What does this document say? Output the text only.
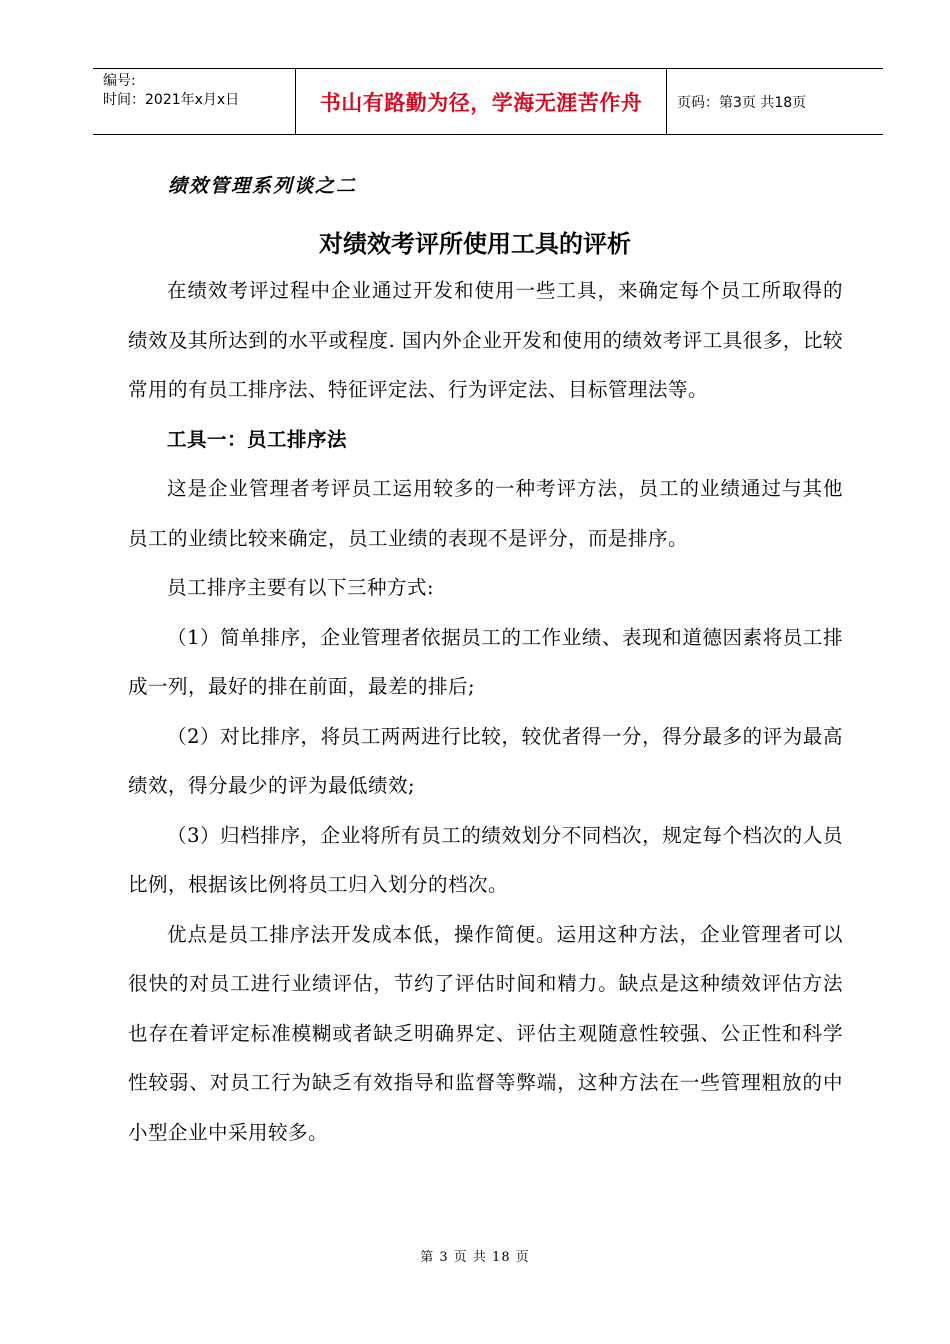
编号:
时间：2021年x月x日	书山有路勤为径，学海无涯苦作舟	页码：第3页 共18页
绩效管理系列谈之二
对绩效考评所使用工具的评析

在绩效考评过程中企业通过开发和使用一些工具，来确定每个员工所取得的绩效及其所达到的水平或程度. 国内外企业开发和使用的绩效考评工具很多，比较常用的有员工排序法、特征评定法、行为评定法、目标管理法等。

工具一：员工排序法

这是企业管理者考评员工运用较多的一种考评方法，员工的业绩通过与其他员工的业绩比较来确定，员工业绩的表现不是评分，而是排序。

员工排序主要有以下三种方式:

（1）简单排序，企业管理者依据员工的工作业绩、表现和道德因素将员工排成一列，最好的排在前面，最差的排后;

（2）对比排序，将员工两两进行比较，较优者得一分，得分最多的评为最高绩效，得分最少的评为最低绩效;

（3）归档排序，企业将所有员工的绩效划分不同档次，规定每个档次的人员比例，根据该比例将员工归入划分的档次。

优点是员工排序法开发成本低，操作简便。运用这种方法，企业管理者可以很快的对员工进行业绩评估，节约了评估时间和精力。缺点是这种绩效评估方法也存在着评定标准模糊或者缺乏明确界定、评估主观随意性较强、公正性和科学性较弱、对员工行为缺乏有效指导和监督等弊端，这种方法在一些管理粗放的中小型企业中采用较多。

第 3 页 共 18 页
